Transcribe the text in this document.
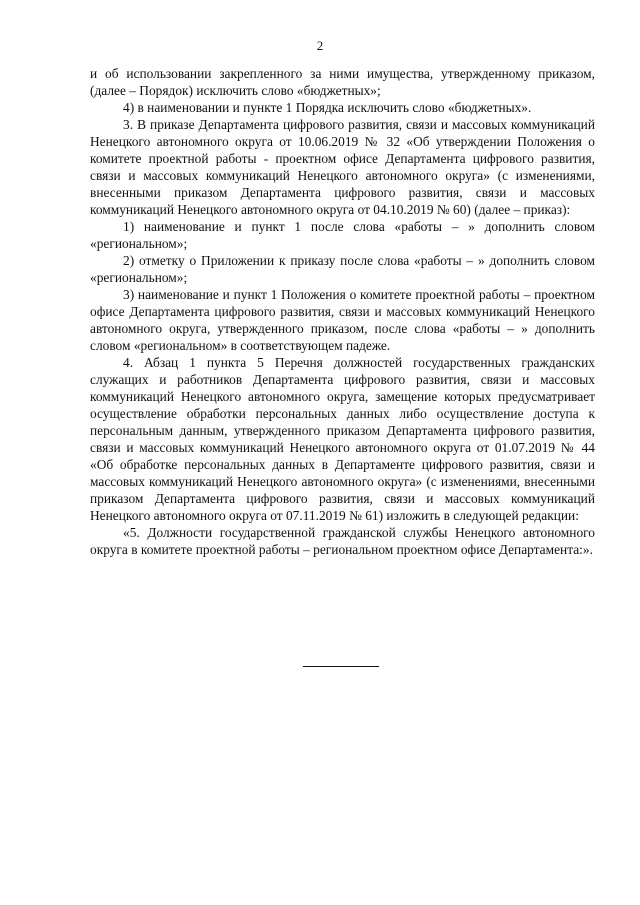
2

и об использовании закрепленного за ними имущества, утвержденному приказом, (далее – Порядок) исключить слово «бюджетных»;

4) в наименовании и пункте 1 Порядка исключить слово «бюджетных».

3. В приказе Департамента цифрового развития, связи и массовых коммуникаций Ненецкого автономного округа от 10.06.2019 № 32 «Об утверждении Положения о комитете проектной работы - проектном офисе Департамента цифрового развития, связи и массовых коммуникаций Ненецкого автономного округа» (с изменениями, внесенными приказом Департамента цифрового развития, связи и массовых коммуникаций Ненецкого автономного округа от 04.10.2019 № 60) (далее – приказ):

1) наименование и пункт 1 после слова «работы – » дополнить словом «региональном»;

2) отметку о Приложении к приказу после слова «работы – » дополнить словом «региональном»;

3) наименование и пункт 1 Положения о комитете проектной работы – проектном офисе Департамента цифрового развития, связи и массовых коммуникаций Ненецкого автономного округа, утвержденного приказом, после слова «работы – » дополнить словом «региональном» в соответствующем падеже.

4. Абзац 1 пункта 5 Перечня должностей государственных гражданских служащих и работников Департамента цифрового развития, связи и массовых коммуникаций Ненецкого автономного округа, замещение которых предусматривает осуществление обработки персональных данных либо осуществление доступа к персональным данным, утвержденного приказом Департамента цифрового развития, связи и массовых коммуникаций Ненецкого автономного округа от 01.07.2019 № 44 «Об обработке персональных данных в Департаменте цифрового развития, связи и массовых коммуникаций Ненецкого автономного округа» (с изменениями, внесенными приказом Департамента цифрового развития, связи и массовых коммуникаций Ненецкого автономного округа от 07.11.2019 № 61) изложить в следующей редакции:

«5. Должности государственной гражданской службы Ненецкого автономного округа в комитете проектной работы – региональном проектном офисе Департамента:».
